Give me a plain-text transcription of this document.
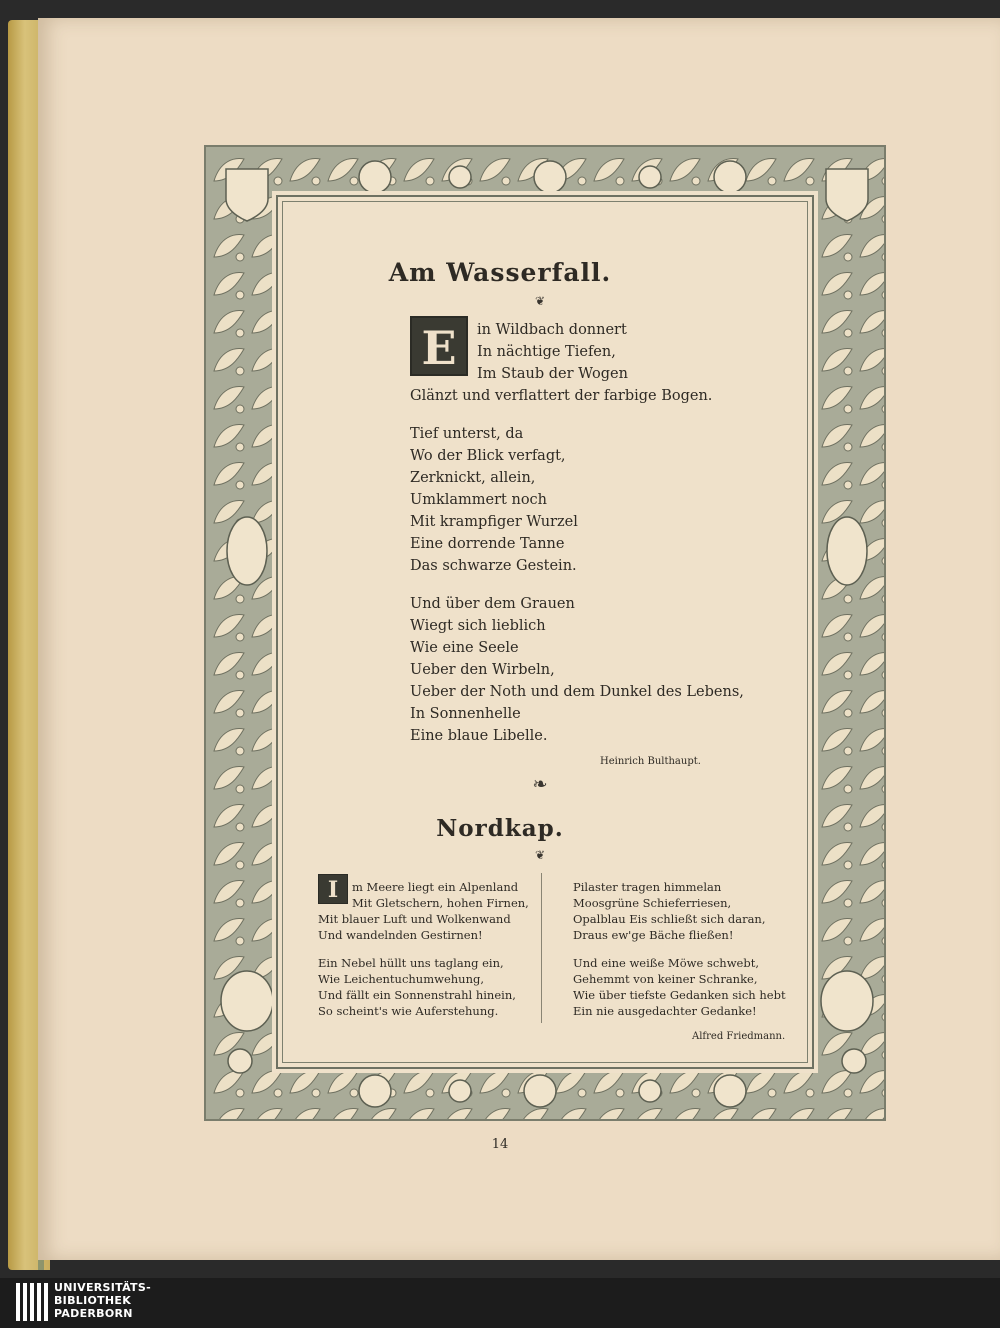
Am Wasserfall.
❦
E	in Wildbach donnert
In nächtige Tiefen,
Im Staub der Wogen
Glänzt und verflattert der farbige Bogen.
Tief unterst, da
Wo der Blick verfagt,
Zerknickt, allein,
Umklammert noch
Mit krampfiger Wurzel
Eine dorrende Tanne
Das schwarze Gestein.
Und über dem Grauen
Wiegt sich lieblich
Wie eine Seele
Ueber den Wirbeln,
Ueber der Noth und dem Dunkel des Lebens,
In Sonnenhelle
Eine blaue Libelle.
Heinrich Bulthaupt.
❧
Nordkap.
❦
I	m Meere liegt ein Alpenland
Mit Gletschern, hohen Firnen,
Mit blauer Luft und Wolkenwand
Und wandelnden Gestirnen!
Ein Nebel hüllt uns taglang ein,
Wie Leichentuchumwehung,
Und fällt ein Sonnenstrahl hinein,
So scheint's wie Auferstehung.
Pilaster tragen himmelan
Moosgrüne Schieferriesen,
Opalblau Eis schließt sich daran,
Draus ew'ge Bäche fließen!
Und eine weiße Möwe schwebt,
Gehemmt von keiner Schranke,
Wie über tiefste Gedanken sich hebt
Ein nie ausgedachter Gedanke!
Alfred Friedmann.
14
UNIVERSITÄTS-
BIBLIOTHEK
PADERBORN
